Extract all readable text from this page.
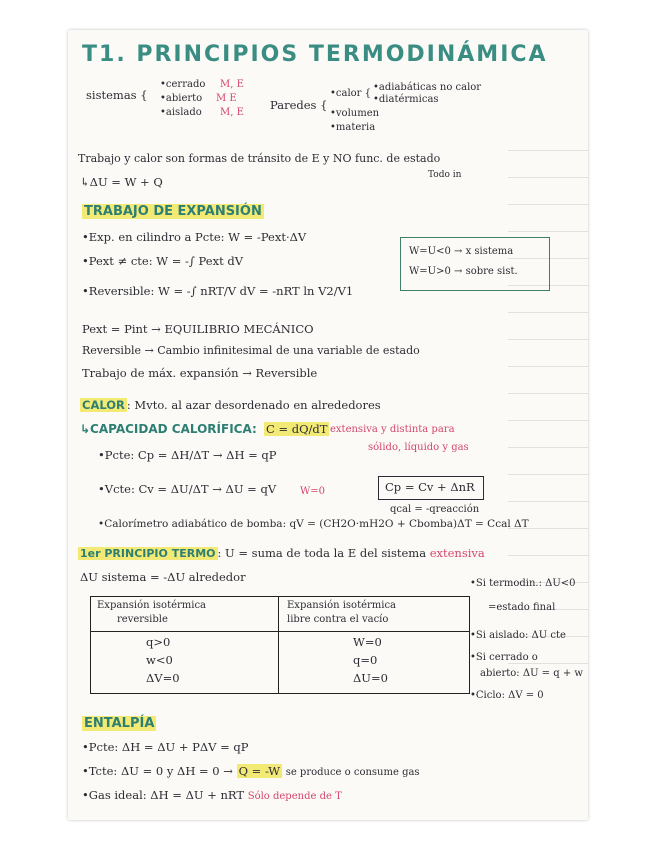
T1. PRINCIPIOS TERMODINÁMICA
sistemas {
•cerrado
•abierto
•aislado
M, E
M E
M, E
Paredes {
•calor {
•adiabáticas no calor
•diatérmicas
•volumen
•materia
Trabajo y calor son formas de tránsito de E y NO func. de estado
Todo in
↳ΔU = W + Q
TRABAJO DE EXPANSIÓN
•Exp. en cilindro a Pcte: W = -Pext·ΔV
•Pext ≠ cte: W = -∫ Pext dV
•Reversible: W = -∫ nRT/V dV = -nRT ln V2/V1
W=U<0 → x sistema
W=U>0 → sobre sist.
Pext = Pint → EQUILIBRIO MECÁNICO
Reversible → Cambio infinitesimal de una variable de estado
Trabajo de máx. expansión → Reversible
CALOR : Mvto. al azar desordenado en alrededores
↳CAPACIDAD CALORÍFICA: C = dQ/dT extensiva y distinta para
sólido, líquido y gas
•Pcte: Cp = ΔH/ΔT → ΔH = qP
•Vcte: Cv = ΔU/ΔT → ΔU = qV W=0	Cp = Cv + ΔnR
qcal = -qreacción
•Calorímetro adiabático de bomba: qV = (CH2O·mH2O + Cbomba)ΔT = Ccal ΔT
1er PRINCIPIO TERMO : U = suma de toda la E del sistema extensiva
ΔU sistema = -ΔU alrededor
Expansión isotérmica
reversible
Expansión isotérmica
libre contra el vacío
q>0
w<0
ΔV=0
W=0
q=0
ΔU=0
•Si termodin.: ΔU<0
=estado final
•Si aislado: ΔU cte
•Si cerrado o
abierto: ΔU = q + w
•Ciclo: ΔV = 0
ENTALPÍA
•Pcte: ΔH = ΔU + PΔV = qP
•Tcte: ΔU = 0 y ΔH = 0 → Q = -W se produce o consume gas
•Gas ideal: ΔH = ΔU + nRT Sólo depende de T
